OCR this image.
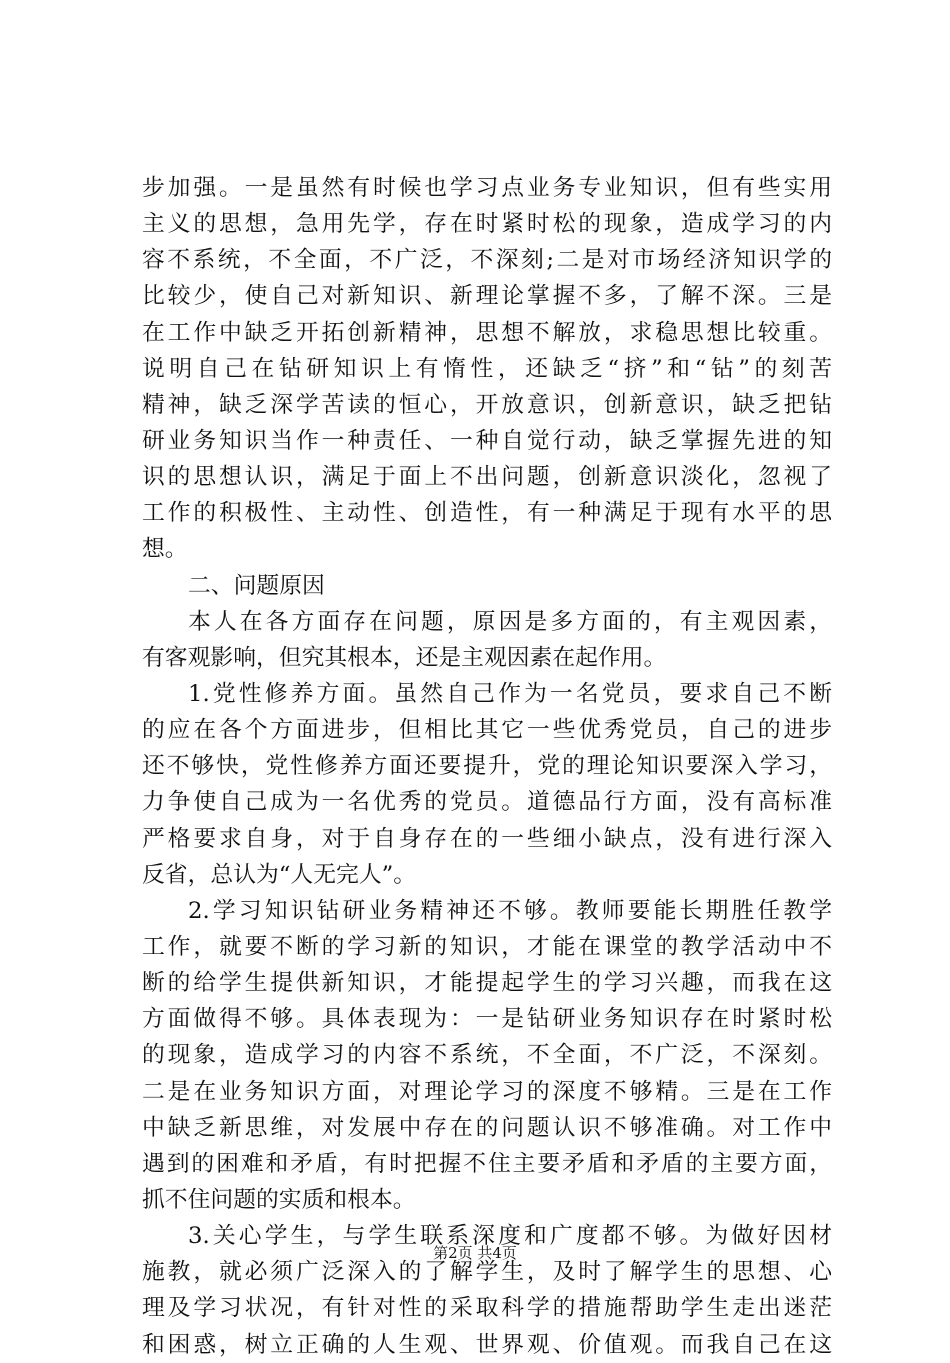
步加强。一是虽然有时候也学习点业务专业知识，但有些实用
主义的思想，急用先学，存在时紧时松的现象，造成学习的内
容不系统，不全面，不广泛，不深刻;二是对市场经济知识学的
比较少，使自己对新知识、新理论掌握不多，了解不深。三是
在工作中缺乏开拓创新精神，思想不解放，求稳思想比较重。
说明自己在钻研知识上有惰性，还缺乏“挤”和“钻”的刻苦
精神，缺乏深学苦读的恒心，开放意识，创新意识，缺乏把钻
研业务知识当作一种责任、一种自觉行动，缺乏掌握先进的知
识的思想认识，满足于面上不出问题，创新意识淡化，忽视了
工作的积极性、主动性、创造性，有一种满足于现有水平的思
想。
二、问题原因
本人在各方面存在问题，原因是多方面的，有主观因素，
有客观影响，但究其根本，还是主观因素在起作用。
1.党性修养方面。虽然自己作为一名党员，要求自己不断
的应在各个方面进步，但相比其它一些优秀党员，自己的进步
还不够快，党性修养方面还要提升，党的理论知识要深入学习，
力争使自己成为一名优秀的党员。道德品行方面，没有高标准
严格要求自身，对于自身存在的一些细小缺点，没有进行深入
反省，总认为“人无完人”。
2.学习知识钻研业务精神还不够。教师要能长期胜任教学
工作，就要不断的学习新的知识，才能在课堂的教学活动中不
断的给学生提供新知识，才能提起学生的学习兴趣，而我在这
方面做得不够。具体表现为：一是钻研业务知识存在时紧时松
的现象，造成学习的内容不系统，不全面，不广泛，不深刻。
二是在业务知识方面，对理论学习的深度不够精。三是在工作
中缺乏新思维，对发展中存在的问题认识不够准确。对工作中
遇到的困难和矛盾，有时把握不住主要矛盾和矛盾的主要方面，
抓不住问题的实质和根本。
3.关心学生，与学生联系深度和广度都不够。为做好因材
施教，就必须广泛深入的了解学生，及时了解学生的思想、心
理及学习状况，有针对性的采取科学的措施帮助学生走出迷茫
和困惑，树立正确的人生观、世界观、价值观。而我自己在这
第2页 共4页
